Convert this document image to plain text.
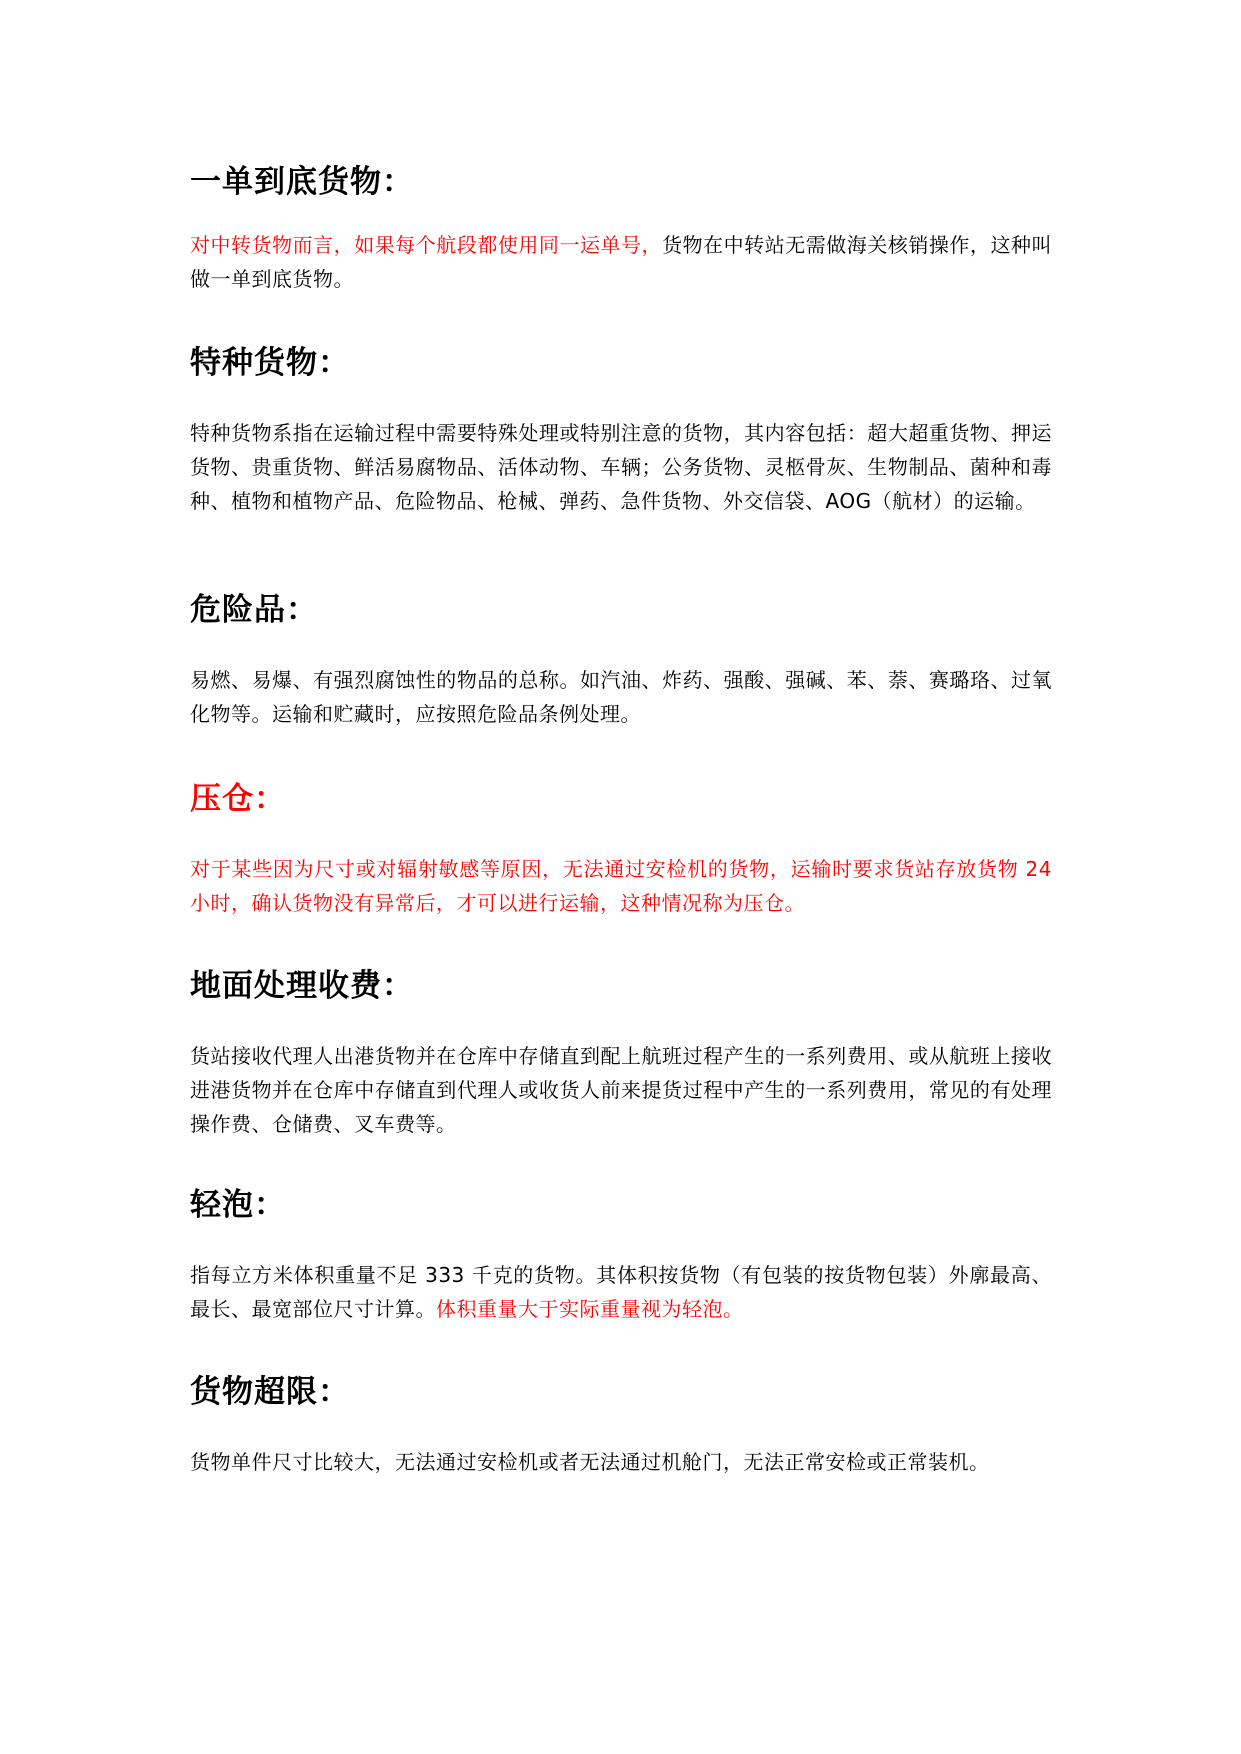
一单到底货物：

对中转货物而言，如果每个航段都使用同一运单号，货物在中转站无需做海关核销操作，这种叫做一单到底货物。

特种货物：

特种货物系指在运输过程中需要特殊处理或特别注意的货物，其内容包括：超大超重货物、押运货物、贵重货物、鲜活易腐物品、活体动物、车辆；公务货物、灵柩骨灰、生物制品、菌种和毒种、植物和植物产品、危险物品、枪械、弹药、急件货物、外交信袋、AOG（航材）的运输。

危险品：

易燃、易爆、有强烈腐蚀性的物品的总称。如汽油、炸药、强酸、强碱、苯、萘、赛璐珞、过氧化物等。运输和贮藏时，应按照危险品条例处理。

压仓：

对于某些因为尺寸或对辐射敏感等原因，无法通过安检机的货物，运输时要求货站存放货物 24 小时，确认货物没有异常后，才可以进行运输，这种情况称为压仓。

地面处理收费：

货站接收代理人出港货物并在仓库中存储直到配上航班过程产生的一系列费用、或从航班上接收进港货物并在仓库中存储直到代理人或收货人前来提货过程中产生的一系列费用，常见的有处理操作费、仓储费、叉车费等。

轻泡：

指每立方米体积重量不足 333 千克的货物。其体积按货物（有包装的按货物包装）外廓最高、最长、最宽部位尺寸计算。体积重量大于实际重量视为轻泡。

货物超限：

货物单件尺寸比较大，无法通过安检机或者无法通过机舱门，无法正常安检或正常装机。
